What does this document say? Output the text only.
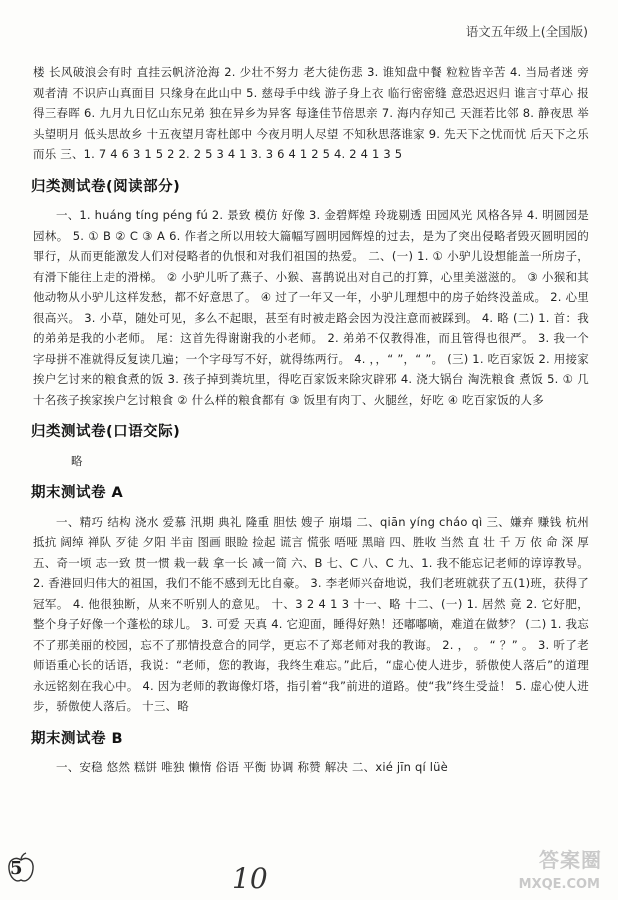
语文五年级上(全国版)

楼 长风破浪会有时 直挂云帆济沧海 2. 少壮不努力 老大徒伤悲 3. 谁知盘中餐 粒粒皆辛苦 4. 当局者迷 旁观者清 不识庐山真面目 只缘身在此山中 5. 慈母手中线 游子身上衣 临行密密缝 意恐迟迟归 谁言寸草心 报得三春晖 6. 九月九日忆山东兄弟 独在异乡为异客 每逢佳节倍思亲 7. 海内存知己 天涯若比邻 8. 静夜思 举头望明月 低头思故乡 十五夜望月寄杜郎中 今夜月明人尽望 不知秋思落谁家 9. 先天下之忧而忧 后天下之乐而乐 三、1. 7 4 6 3 1 5 2 2. 2 5 3 4 1 3. 3 6 4 1 2 5 4. 2 4 1 3 5

归类测试卷(阅读部分)

一、1. huáng tíng péng fú 2. 景致 模仿 好像 3. 金碧辉煌 玲珑剔透 田园风光 风格各异 4. 明圆园是园林。 5. ① B ② C ③ A 6. 作者之所以用较大篇幅写圆明园辉煌的过去，是为了突出侵略者毁灭圆明园的罪行，从而更能激发人们对侵略者的仇恨和对我们祖国的热爱。 二、(一) 1. ① 小驴儿设想能盖一所房子，有滑下能往上走的滑梯。 ② 小驴儿听了燕子、小猴、喜鹊说出对自己的打算，心里美滋滋的。 ③ 小猴和其他动物从小驴儿这样发愁，都不好意思了。 ④ 过了一年又一年，小驴儿理想中的房子始终没盖成。 2. 心里很高兴。 3. 小草，随处可见，多么不起眼，甚至有时被走路会因为没注意而被踩到。 4. 略 (二) 1. 首：我的弟弟是我的小老师。 尾：这首先得谢谢我的小老师。 2. 弟弟不仅教得准，而且管得也很严。 3. 我一个字母拼不准就得反复读几遍；一个字母写不好，就得练两行。 4. ，，“ ”，“ ”。 (三) 1. 吃百家饭 2. 用接家挨户乞讨来的粮食煮的饭 3. 孩子掉到粪坑里，得吃百家饭来除灾辟邪 4. 浇大锅台 淘洗粮食 煮饭 5. ① 几十名孩子挨家挨户乞讨粮食 ② 什么样的粮食都有 ③ 饭里有肉丁、火腿丝，好吃 ④ 吃百家饭的人多

归类测试卷(口语交际)

略

期末测试卷 A

一、精巧 结构 浇水 爱慕 汛期 典礼 隆重 胆怯 嫂子 崩塌 二、qiān yíng cháo qì 三、嫌弃 赚钱 杭州 抵抗 阔绰 禅队 歹徒 夕阳 半亩 图画 眼睑 捡起 谎言 慌张 唔哑 黑暗 四、胜收 当然 直 壮 千 万 依 命 深 厚 五、奇一顷 志一致 贯一惯 栽一载 拿一长 减一简 六、B 七、C 八、C 九、1. 我不能忘记老师的谆谆教导。 2. 香港回归伟大的祖国，我们不能不感到无比自豪。 3. 李老师兴奋地说，我们老班就获了五(1)班，获得了冠军。 4. 他很独断，从来不听别人的意见。 十、3 2 4 1 3 十一、略 十二、(一) 1. 居然 竟 2. 它好肥，整个身子好像一个蓬松的球儿。 3. 可爱 天真 4. 它迎面，睡得好熟！还嘟嘟嘀，难道在做梦？ (二) 1. 我忘不了那美丽的校园，忘不了那情投意合的同学，更忘不了郑老师对我的教诲。 2. ， 。 “ ？” 。 3. 听了老师语重心长的话语，我说：“老师，您的教诲，我终生难忘。”此后，“虚心使人进步，骄傲使人落后”的道理永远铭刻在我心中。 4. 因为老师的教诲像灯塔，指引着“我”前进的道路。使“我”终生受益！ 5. 虚心使人进步，骄傲使人落后。 十三、略

期末测试卷 B

一、安稳 悠然 糕饼 唯独 懒惰 俗语 平衡 协调 称赞 解决 二、xié jīn qí lüè

5	10
答案圈
MXQE.COM
